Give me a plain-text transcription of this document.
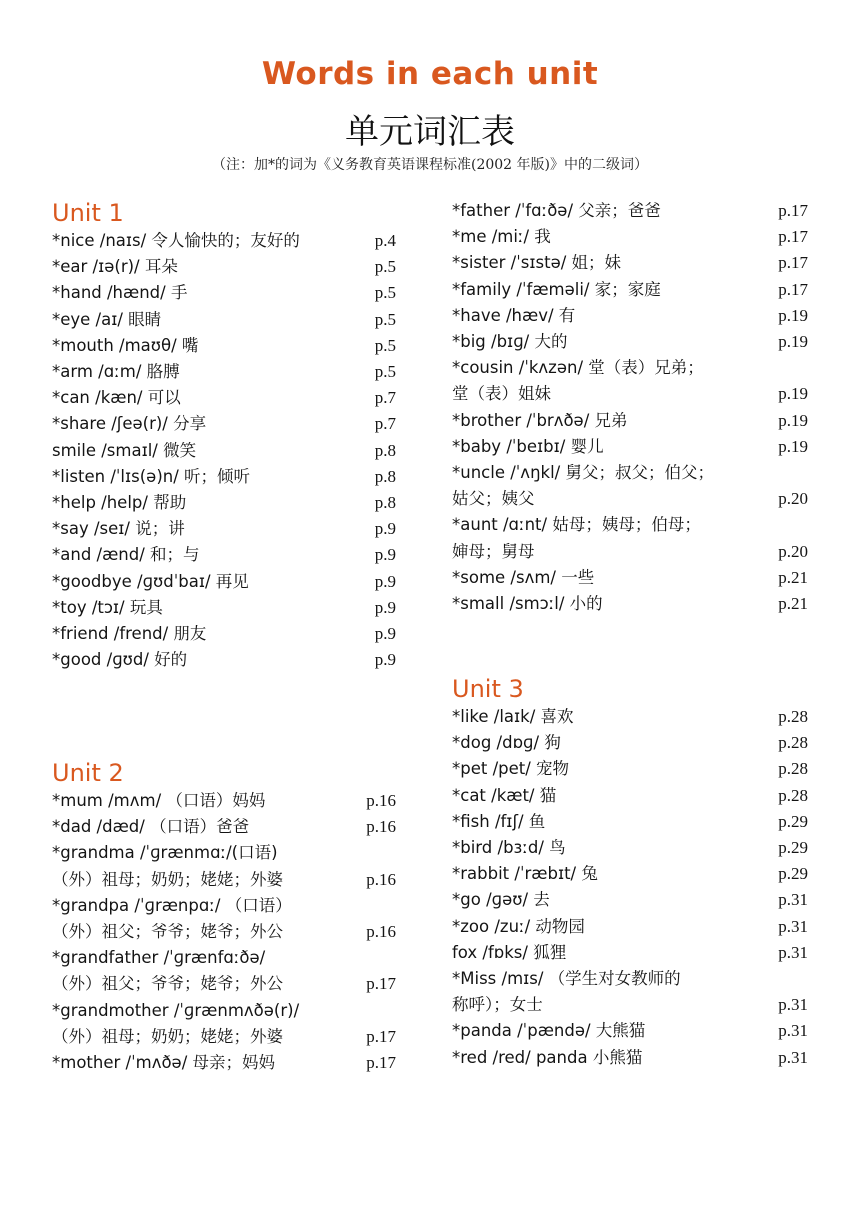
Words in each unit
单元词汇表
（注：加*的词为《义务教育英语课程标准(2002 年版)》中的二级词）
Unit 1
*nice /naɪs/ 令人愉快的；友好的	p.4
*ear /ɪə(r)/ 耳朵	p.5
*hand /hænd/ 手	p.5
*eye /aɪ/ 眼睛	p.5
*mouth /maʊθ/ 嘴	p.5
*arm /ɑːm/ 胳膊	p.5
*can /kæn/ 可以	p.7
*share /ʃeə(r)/ 分享	p.7
smile /smaɪl/ 微笑	p.8
*listen /ˈlɪs(ə)n/ 听；倾听	p.8
*help /help/ 帮助	p.8
*say /seɪ/ 说；讲	p.9
*and /ænd/ 和；与	p.9
*goodbye /ɡʊdˈbaɪ/ 再见	p.9
*toy /tɔɪ/ 玩具	p.9
*friend /frend/ 朋友	p.9
*good /ɡʊd/ 好的	p.9
Unit 2
*mum /mʌm/ （口语）妈妈	p.16
*dad /dæd/ （口语）爸爸	p.16
*grandma /ˈɡrænmɑː/(口语)
（外）祖母；奶奶；姥姥；外婆	p.16
*grandpa /ˈɡrænpɑː/ （口语）
（外）祖父；爷爷；姥爷；外公	p.16
*grandfather /ˈɡrænfɑːðə/
（外）祖父；爷爷；姥爷；外公	p.17
*grandmother /ˈɡrænmʌðə(r)/
（外）祖母；奶奶；姥姥；外婆	p.17
*mother /ˈmʌðə/ 母亲；妈妈	p.17
*father /ˈfɑːðə/ 父亲；爸爸	p.17
*me /miː/ 我	p.17
*sister /ˈsɪstə/ 姐；妹	p.17
*family /ˈfæməli/ 家；家庭	p.17
*have /hæv/ 有	p.19
*big /bɪɡ/ 大的	p.19
*cousin /ˈkʌzən/ 堂（表）兄弟；
堂（表）姐妹	p.19
*brother /ˈbrʌðə/ 兄弟	p.19
*baby /ˈbeɪbɪ/ 婴儿	p.19
*uncle /ˈʌŋkl/ 舅父；叔父；伯父；
姑父；姨父	p.20
*aunt /ɑːnt/ 姑母；姨母；伯母；
婶母；舅母	p.20
*some /sʌm/ 一些	p.21
*small /smɔːl/ 小的	p.21
Unit 3
*like /laɪk/ 喜欢	p.28
*dog /dɒɡ/ 狗	p.28
*pet /pet/ 宠物	p.28
*cat /kæt/ 猫	p.28
*fish /fɪʃ/ 鱼	p.29
*bird /bɜːd/ 鸟	p.29
*rabbit /ˈræbɪt/ 兔	p.29
*go /ɡəʊ/ 去	p.31
*zoo /zuː/ 动物园	p.31
fox /fɒks/ 狐狸	p.31
*Miss /mɪs/ （学生对女教师的
称呼）；女士	p.31
*panda /ˈpændə/ 大熊猫	p.31
*red /red/ panda 小熊猫	p.31
